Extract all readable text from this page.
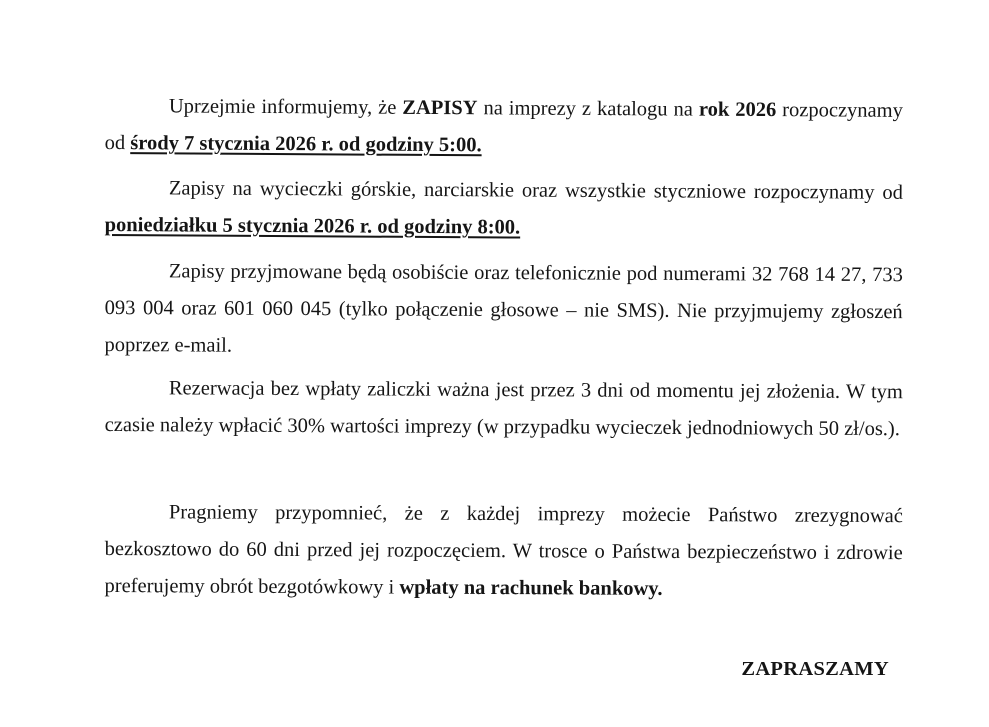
Uprzejmie informujemy, że ZAPISY na imprezy z katalogu na rok 2026 rozpoczynamy od środy 7 stycznia 2026 r. od godziny 5:00.

Zapisy na wycieczki górskie, narciarskie oraz wszystkie styczniowe rozpoczynamy od poniedziałku 5 stycznia 2026 r. od godziny 8:00.

Zapisy przyjmowane będą osobiście oraz telefonicznie pod numerami 32 768 14 27, 733 093 004 oraz 601 060 045 (tylko połączenie głosowe – nie SMS). Nie przyjmujemy zgłoszeń poprzez e-mail.

Rezerwacja bez wpłaty zaliczki ważna jest przez 3 dni od momentu jej złożenia. W tym czasie należy wpłacić 30% wartości imprezy (w przypadku wycieczek jednodniowych 50 zł/os.).

Pragniemy przypomnieć, że z każdej imprezy możecie Państwo zrezygnować bezkosztowo do 60 dni przed jej rozpoczęciem. W trosce o Państwa bezpieczeństwo i zdrowie preferujemy obrót bezgotówkowy i wpłaty na rachunek bankowy.

ZAPRASZAMY
